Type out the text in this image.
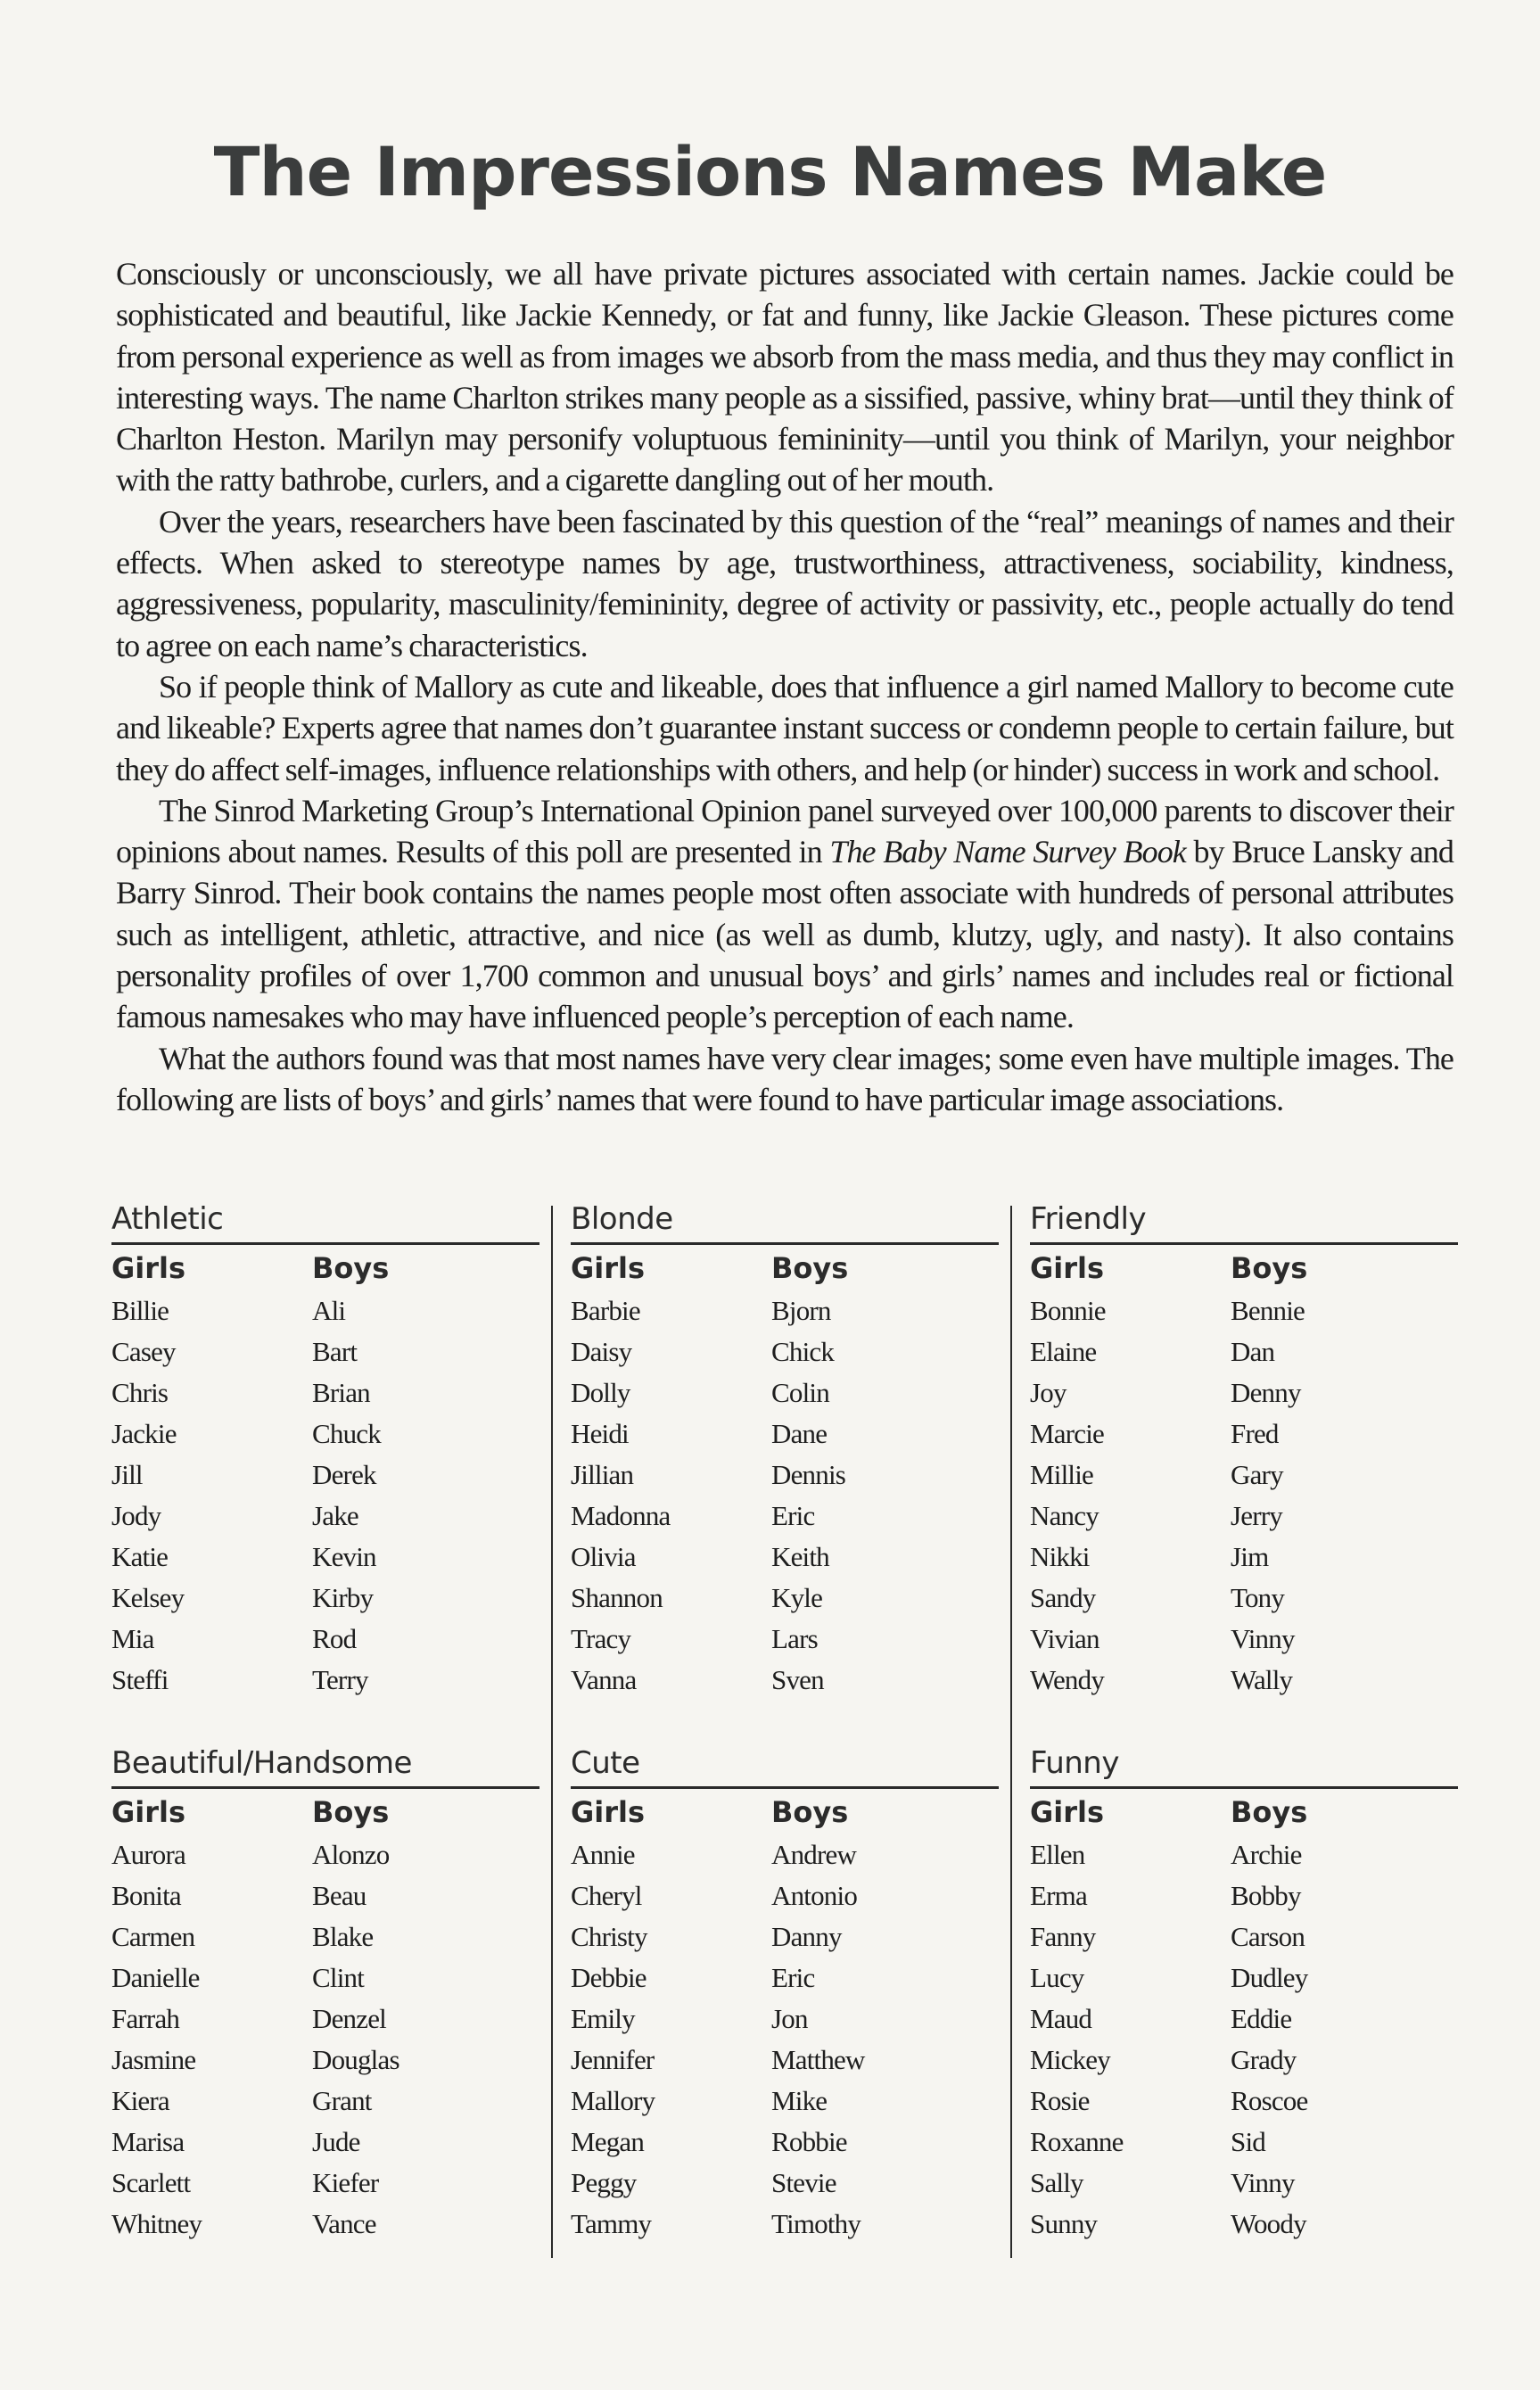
The Impressions Names Make

Consciously or unconsciously, we all have private pictures associated with certain names. Jackie could be sophisticated and beautiful, like Jackie Kennedy, or fat and funny, like Jackie Gleason. These pictures come from personal experience as well as from images we absorb from the mass media, and thus they may conflict in interesting ways. The name Charlton strikes many people as a sissified, passive, whiny brat—until they think of Charlton Heston. Marilyn may personify voluptuous femininity—until you think of Marilyn, your neighbor with the ratty bathrobe, curlers, and a cigarette dangling out of her mouth.

Over the years, researchers have been fascinated by this question of the “real” meanings of names and their effects. When asked to stereotype names by age, trustworthiness, attractiveness, sociability, kindness, aggressiveness, popularity, masculinity/femininity, degree of activity or passivity, etc., people actually do tend to agree on each name’s characteristics.

So if people think of Mallory as cute and likeable, does that influence a girl named Mallory to become cute and likeable? Experts agree that names don’t guarantee instant success or condemn people to certain failure, but they do affect self-images, influence relationships with others, and help (or hinder) success in work and school.

The Sinrod Marketing Group’s International Opinion panel surveyed over 100,000 parents to discover their opinions about names. Results of this poll are presented in The Baby Name Survey Book by Bruce Lansky and Barry Sinrod. Their book contains the names people most often associate with hundreds of personal attributes such as intelligent, athletic, attractive, and nice (as well as dumb, klutzy, ugly, and nasty). It also contains personality profiles of over 1,700 common and unusual boys’ and girls’ names and includes real or fictional famous namesakes who may have influenced people’s perception of each name.

What the authors found was that most names have very clear images; some even have multiple images. The following are lists of boys’ and girls’ names that were found to have particular image associations.

Athletic
Girls	Boys
Billie
Casey
Chris
Jackie
Jill
Jody
Katie
Kelsey
Mia
Steffi
Ali
Bart
Brian
Chuck
Derek
Jake
Kevin
Kirby
Rod
Terry
Blonde
Girls	Boys
Barbie
Daisy
Dolly
Heidi
Jillian
Madonna
Olivia
Shannon
Tracy
Vanna
Bjorn
Chick
Colin
Dane
Dennis
Eric
Keith
Kyle
Lars
Sven
Friendly
Girls	Boys
Bonnie
Elaine
Joy
Marcie
Millie
Nancy
Nikki
Sandy
Vivian
Wendy
Bennie
Dan
Denny
Fred
Gary
Jerry
Jim
Tony
Vinny
Wally
Beautiful/Handsome
Girls	Boys
Aurora
Bonita
Carmen
Danielle
Farrah
Jasmine
Kiera
Marisa
Scarlett
Whitney
Alonzo
Beau
Blake
Clint
Denzel
Douglas
Grant
Jude
Kiefer
Vance
Cute
Girls	Boys
Annie
Cheryl
Christy
Debbie
Emily
Jennifer
Mallory
Megan
Peggy
Tammy
Andrew
Antonio
Danny
Eric
Jon
Matthew
Mike
Robbie
Stevie
Timothy
Funny
Girls	Boys
Ellen
Erma
Fanny
Lucy
Maud
Mickey
Rosie
Roxanne
Sally
Sunny
Archie
Bobby
Carson
Dudley
Eddie
Grady
Roscoe
Sid
Vinny
Woody
